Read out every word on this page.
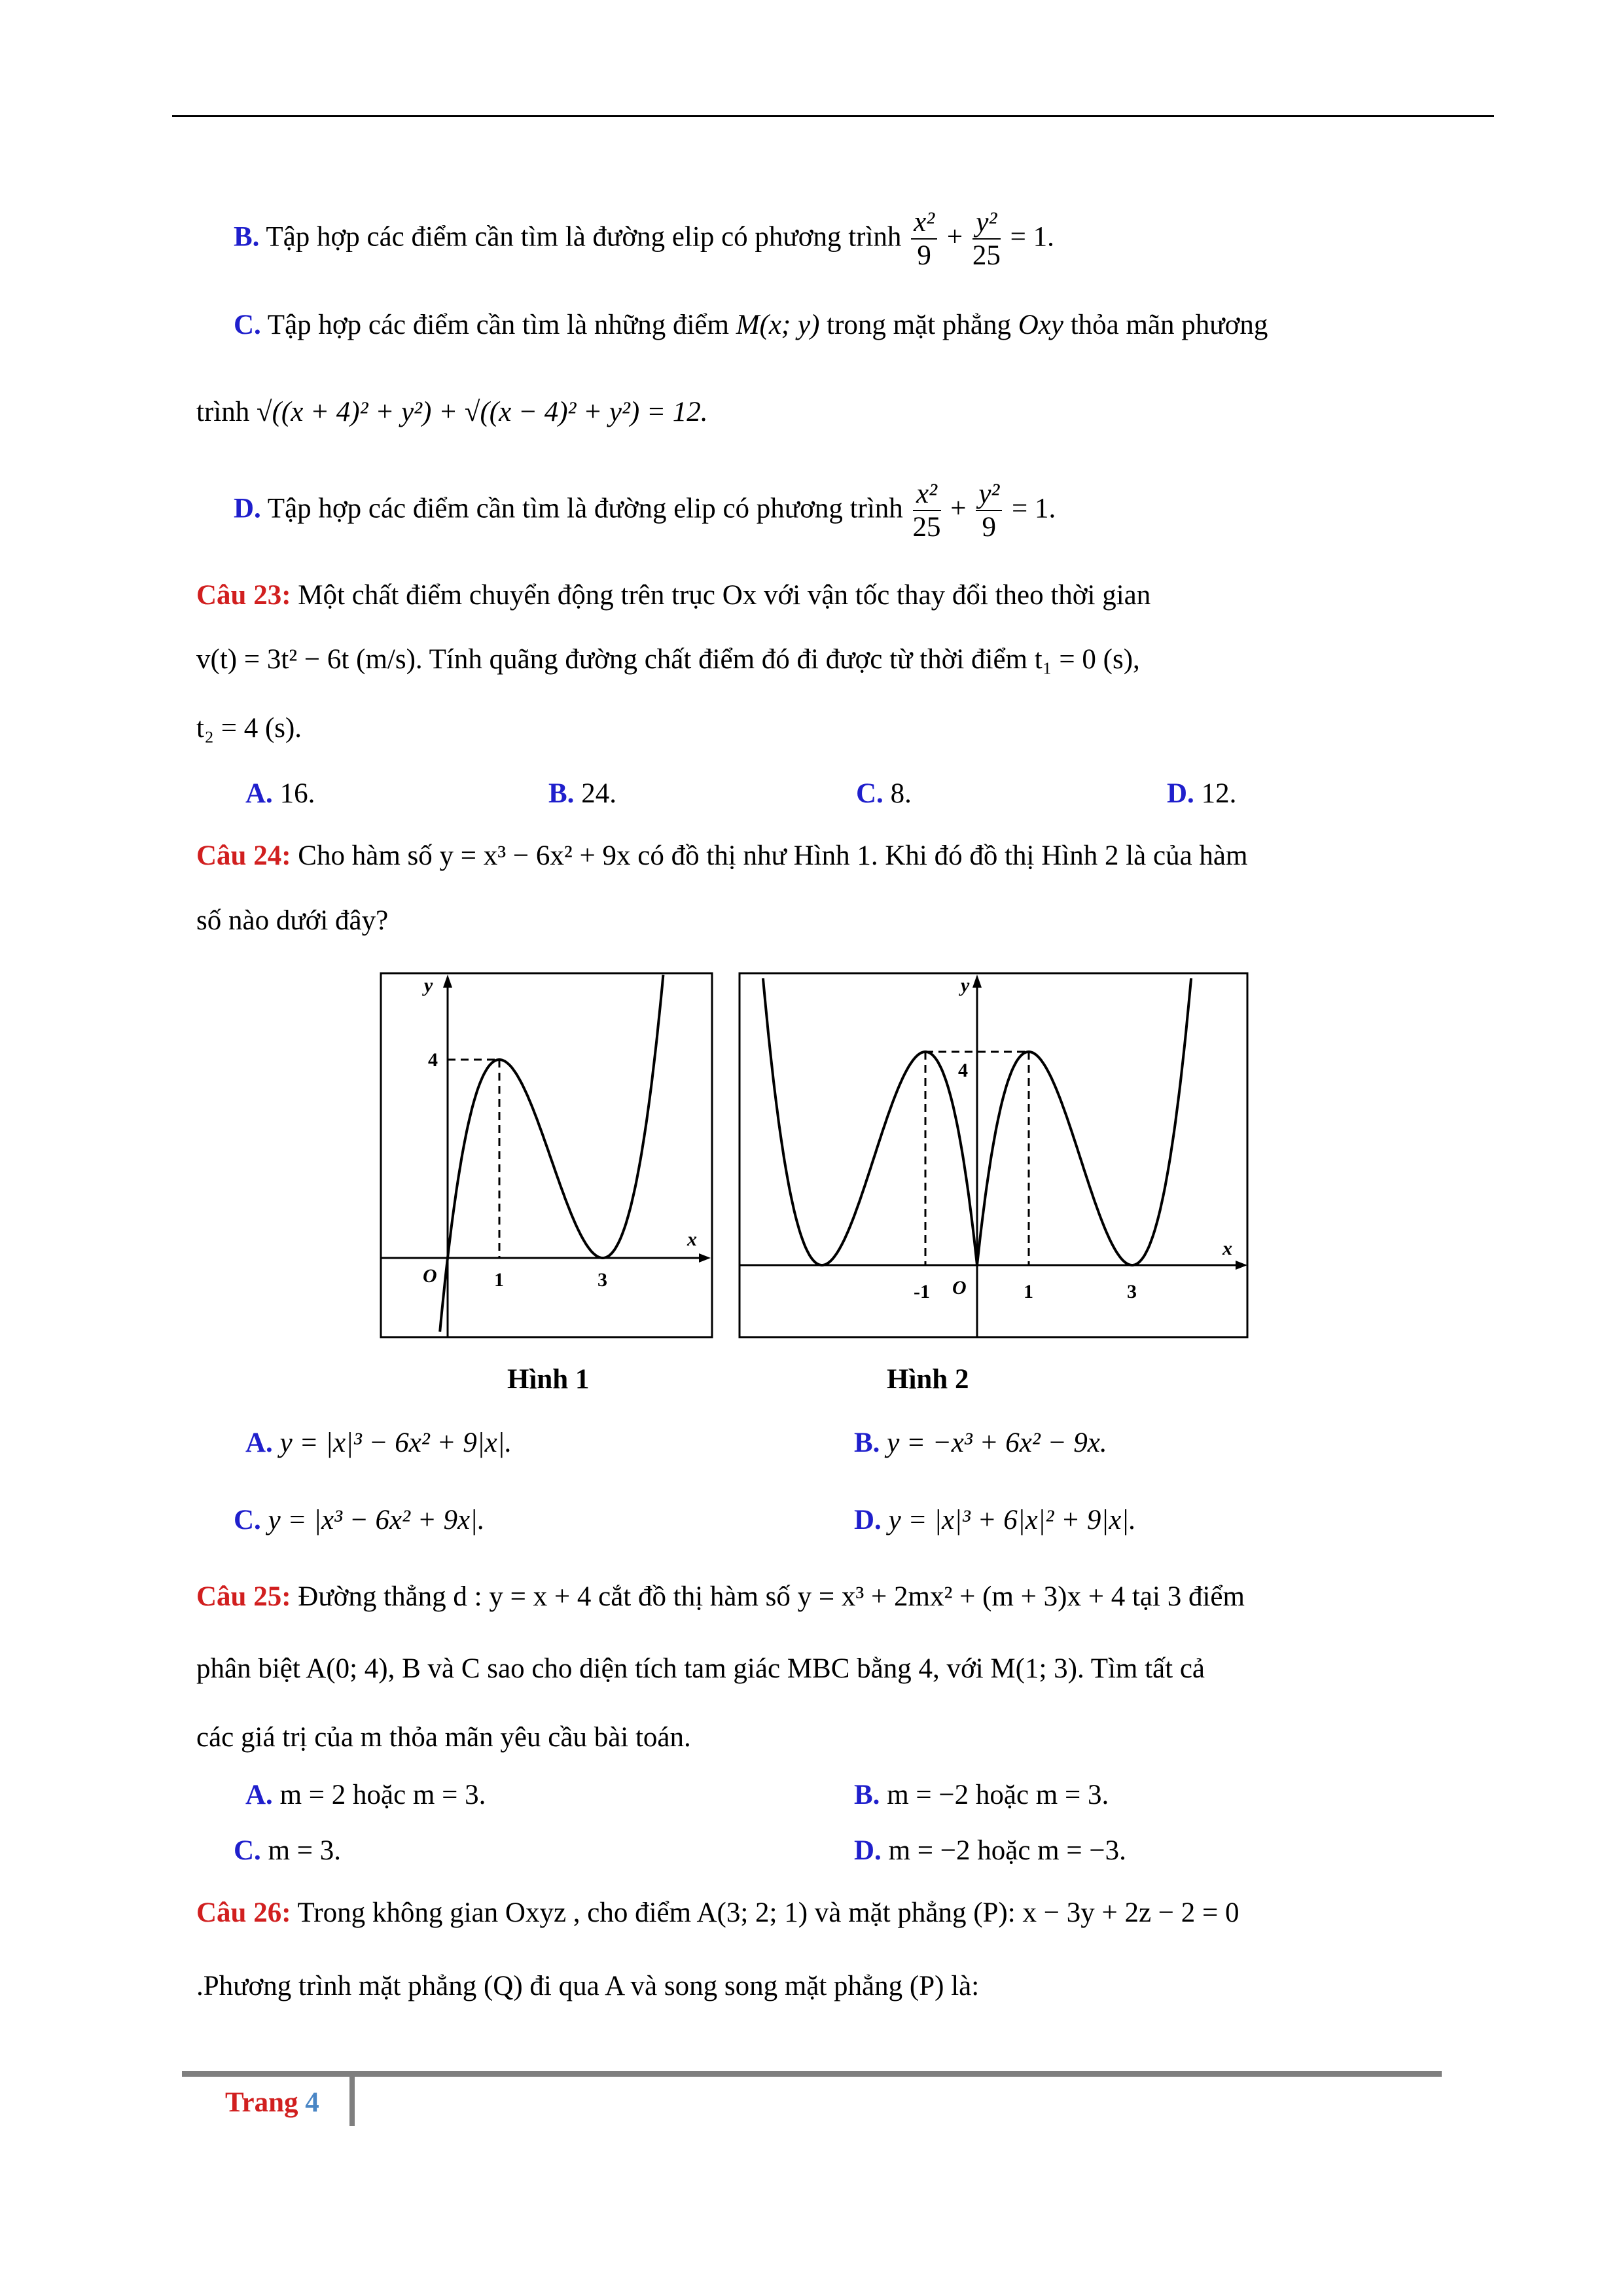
B. Tập hợp các điểm cần tìm là đường elip có phương trình $\frac{\text{x²}}{9} + \frac{\text{y²}}{25} = 1$.
C. Tập hợp các điểm cần tìm là những điểm M(x; y) trong mặt phẳng Oxy thỏa mãn phương
trình √((x + 4)² + y²) + √((x − 4)² + y²) = 12.
D. Tập hợp các điểm cần tìm là đường elip có phương trình $\frac{\text{x²}}{25} + \frac{\text{y²}}{9} = 1$.
Câu 23: Một chất điểm chuyển động trên trục Ox với vận tốc thay đổi theo thời gian
v(t) = 3t² − 6t (m/s). Tính quãng đường chất điểm đó đi được từ thời điểm t₁ = 0 (s),
t₂ = 4 (s).
A. 16.	B. 24.	C. 8.	D. 12.
Câu 24: Cho hàm số y = x³ − 6x² + 9x có đồ thị như Hình 1. Khi đó đồ thị Hình 2 là của hàm
số nào dưới đây?
y
x
O	1	3
4
y
x
O
-1	1	3
4
Hình 1	Hình 2
A. y = |x|³ − 6x² + 9|x|.	B. y = −x³ + 6x² − 9x.
C. y = |x³ − 6x² + 9x|.	D. y = |x|³ + 6|x|² + 9|x|.
Câu 25: Đường thẳng d : y = x + 4 cắt đồ thị hàm số y = x³ + 2mx² + (m + 3)x + 4 tại 3 điểm
phân biệt A(0; 4), B và C sao cho diện tích tam giác MBC bằng 4, với M(1; 3). Tìm tất cả
các giá trị của m thỏa mãn yêu cầu bài toán.
A. m = 2 hoặc m = 3.	B. m = −2 hoặc m = 3.
C. m = 3.	D. m = −2 hoặc m = −3.
Câu 26: Trong không gian Oxyz , cho điểm A(3; 2; 1) và mặt phẳng (P): x − 3y + 2z − 2 = 0
.Phương trình mặt phẳng (Q) đi qua A và song song mặt phẳng (P) là:
Trang 4
